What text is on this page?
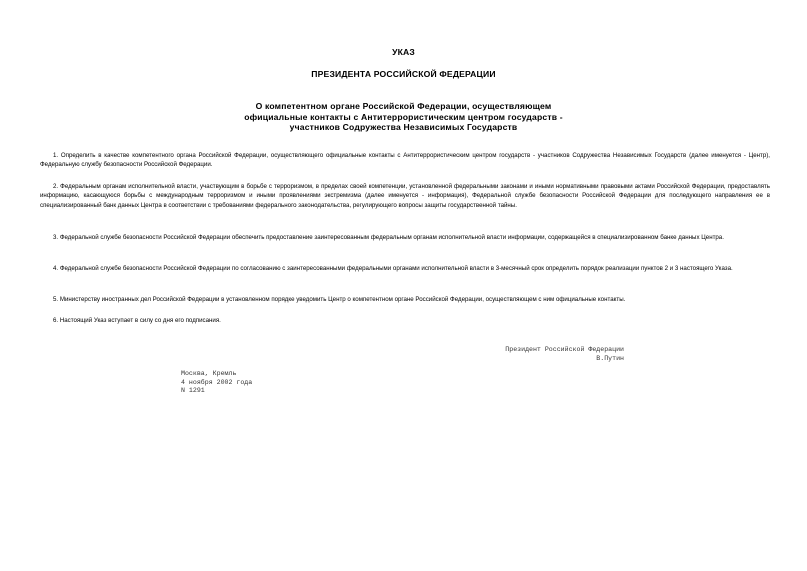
УКАЗ
ПРЕЗИДЕНТА РОССИЙСКОЙ ФЕДЕРАЦИИ
О компетентном органе Российской Федерации, осуществляющем
официальные контакты с Антитеррористическим центром государств -
участников Содружества Независимых Государств
1. Определить в качестве компетентного органа Российской Федерации, осуществляющего официальные контакты с Антитеррористическим центром государств - участников Содружества Независимых Государств (далее именуется - Центр), Федеральную службу безопасности Российской Федерации.
2. Федеральным органам исполнительной власти, участвующим в борьбе с терроризмом, в пределах своей компетенции, установленной федеральными законами и иными нормативными правовыми актами Российской Федерации, предоставлять информацию, касающуюся борьбы с международным терроризмом и иными проявлениями экстремизма (далее именуется - информация), Федеральной службе безопасности Российской Федерации для последующего направления ее в специализированный банк данных Центра в соответствии с требованиями федерального законодательства, регулирующего вопросы защиты государственной тайны.
3. Федеральной службе безопасности Российской Федерации обеспечить предоставление заинтересованным федеральным органам исполнительной власти информации, содержащейся в специализированном банке данных Центра.
4. Федеральной службе безопасности Российской Федерации по согласованию с заинтересованными федеральными органами исполнительной власти в 3-месячный срок определить порядок реализации пунктов 2 и 3 настоящего Указа.
5. Министерству иностранных дел Российской Федерации в установленном порядке уведомить Центр о компетентном органе Российской Федерации, осуществляющем с ним официальные контакты.
6. Настоящий Указ вступает в силу со дня его подписания.
Президент Российской Федерации
В.Путин
Москва, Кремль
4 ноября 2002 года
N 1291
